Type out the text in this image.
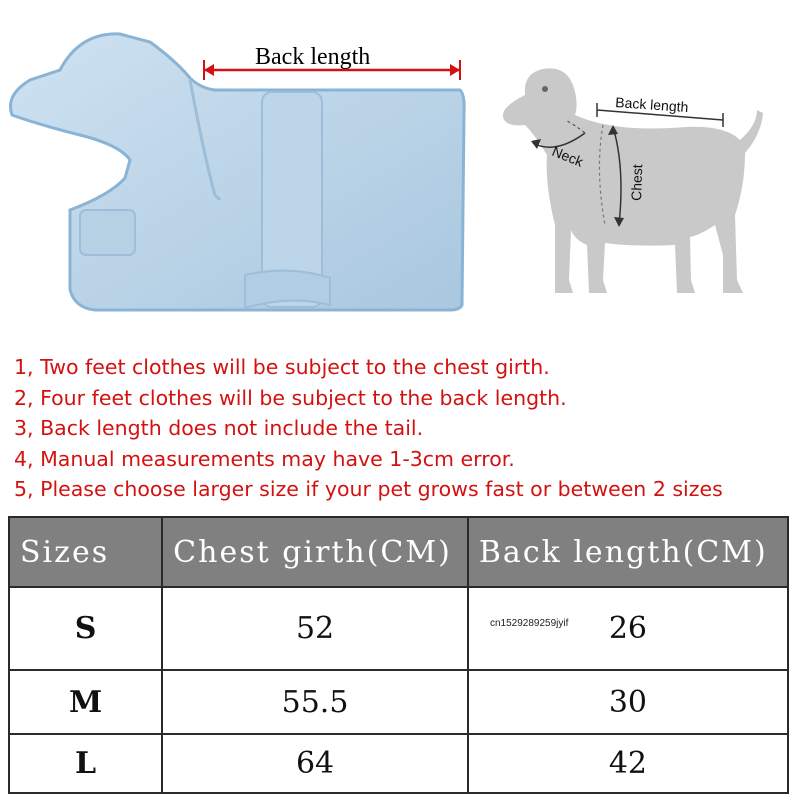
Back length
Back length
Neck
Chest
1, Two feet clothes will be subject to the chest girth.
2, Four feet clothes will be subject to the back length.
3, Back length does not include the tail.
4, Manual measurements may have 1-3cm error.
5, Please choose larger size if your pet grows fast or between 2 sizes
Sizes	Chest girth(CM)	Back length(CM)
S	52	26
M	55.5	30
L	64	42
cn1529289259jyif
